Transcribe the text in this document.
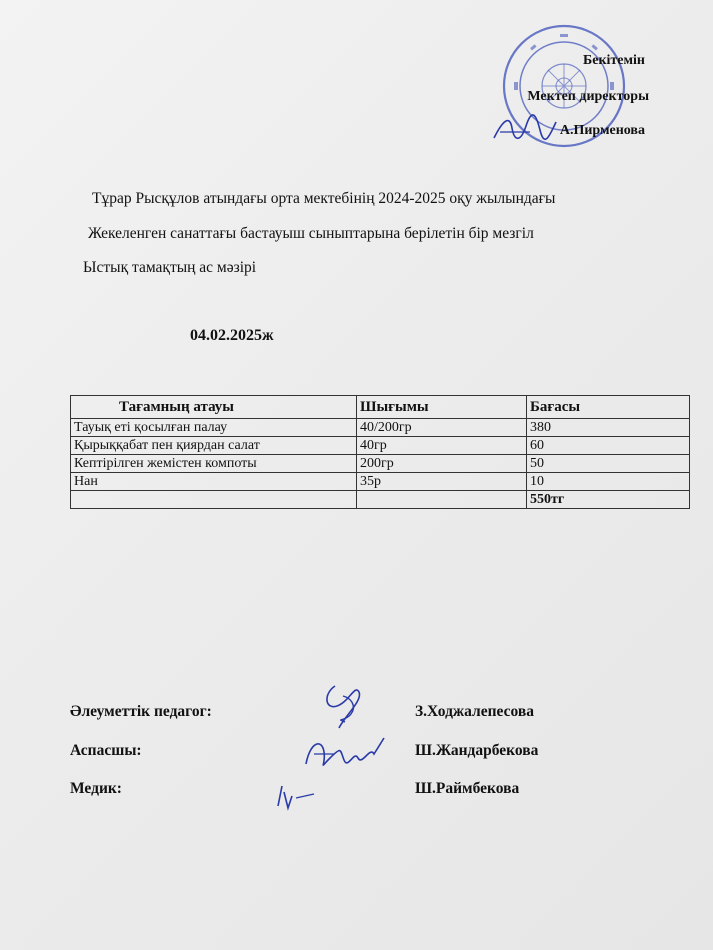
Бекітемін
Мектеп директоры
А.Пирменова
Тұрар Рысқұлов атындағы орта мектебінің 2024-2025 оқу жылындағы
Жекеленген санаттағы бастауыш сыныптарына берілетін бір мезгіл
Ыстық тамақтың ас мәзірі
04.02.2025ж
Тағамның атауы	Шығымы	Бағасы
Тауық еті қосылған палау	40/200гр	380
Қырыққабат пен қиярдан салат	40гр	60
Кептірілген жемістен компоты	200гр	50
Нан	35р	10
		550тг
Әлеуметтік педагог:	З.Ходжалепесова
Аспасшы:	Ш.Жандарбекова
Медик:	Ш.Раймбекова
